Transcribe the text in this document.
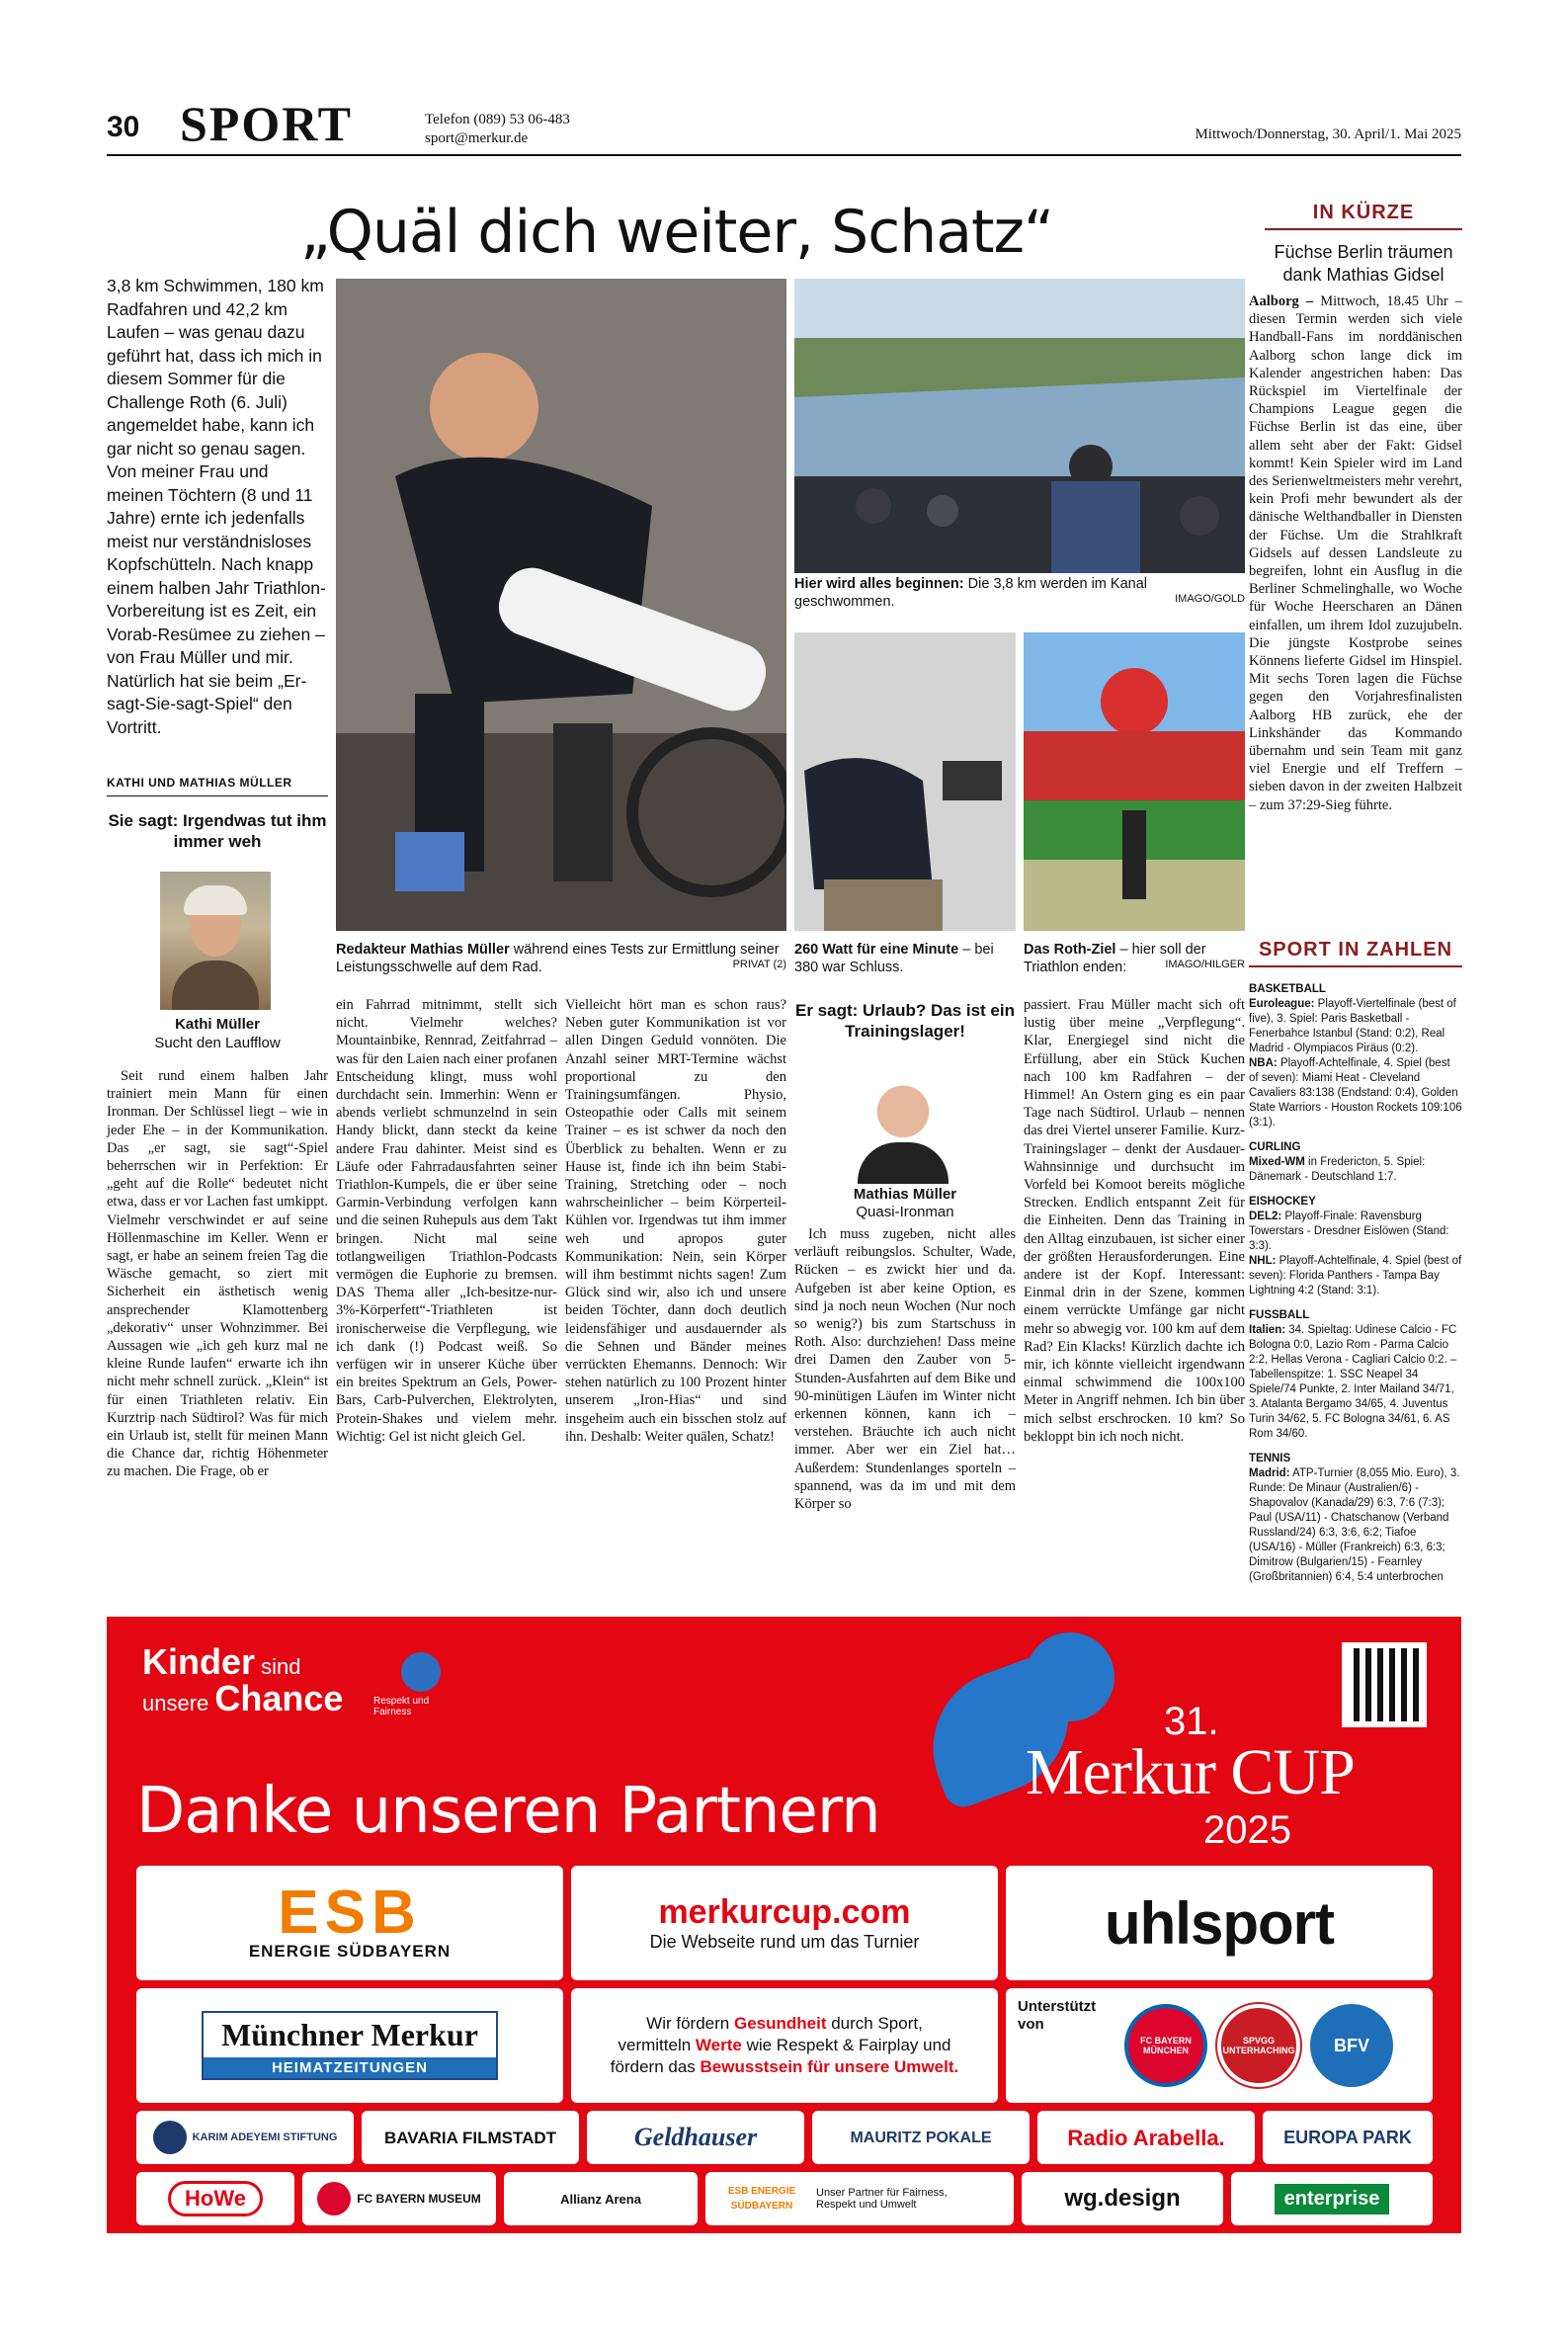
30 SPORT	Telefon (089) 53 06-483
sport@merkur.de	Mittwoch/Donnerstag, 30. April/1. Mai 2025
„Quäl dich weiter, Schatz“
3,8 km Schwimmen, 180 km Radfahren und 42,2 km Laufen – was genau dazu geführt hat, dass ich mich in diesem Sommer für die Challenge Roth (6. Juli) angemeldet habe, kann ich gar nicht so genau sagen. Von meiner Frau und meinen Töchtern (8 und 11 Jahre) ernte ich jedenfalls meist nur verständnisloses Kopfschütteln. Nach knapp einem halben Jahr Triathlon-Vorbereitung ist es Zeit, ein Vorab-Resümee zu ziehen – von Frau Müller und mir. Natürlich hat sie beim „Er-sagt-Sie-sagt-Spiel“ den Vortritt.
KATHI UND MATHIAS MÜLLER
Sie sagt: Irgendwas tut ihm immer weh
Kathi Müller
Sucht den Laufflow

Seit rund einem halben Jahr trainiert mein Mann für einen Ironman. Der Schlüssel liegt – wie in jeder Ehe – in der Kommunikation. Das „er sagt, sie sagt“-Spiel beherrschen wir in Perfektion: Er „geht auf die Rolle“ bedeutet nicht etwa, dass er vor Lachen fast umkippt. Vielmehr verschwindet er auf seine Höllenmaschine im Keller. Wenn er sagt, er habe an seinem freien Tag die Wäsche gemacht, so ziert mit Sicherheit ein ästhetisch wenig ansprechender Klamottenberg „dekorativ“ unser Wohnzimmer. Bei Aussagen wie „ich geh kurz mal ne kleine Runde laufen“ erwarte ich ihn nicht mehr schnell zurück. „Klein“ ist für einen Triathleten relativ. Ein Kurztrip nach Südtirol? Was für mich ein Urlaub ist, stellt für meinen Mann die Chance dar, richtig Höhenmeter zu machen. Die Frage, ob er

Redakteur Mathias Müller während eines Tests zur Ermittlung seiner Leistungsschwelle auf dem Rad.	PRIVAT (2)
Hier wird alles beginnen: Die 3,8 km werden im Kanal geschwommen.	IMAGO/GOLD
260 Watt für eine Minute – bei 380 war Schluss.
Das Roth-Ziel – hier soll der Triathlon enden:	IMAGO/HILGER

ein Fahrrad mitnimmt, stellt sich nicht. Vielmehr welches? Mountainbike, Rennrad, Zeitfahrrad – was für den Laien nach einer profanen Entscheidung klingt, muss wohl durchdacht sein. Immerhin: Wenn er abends verliebt schmunzelnd in sein Handy blickt, dann steckt da keine andere Frau dahinter. Meist sind es Läufe oder Fahrradausfahrten seiner Triathlon-Kumpels, die er über seine Garmin-Verbindung verfolgen kann und die seinen Ruhepuls aus dem Takt bringen. Nicht mal seine totlangweiligen Triathlon-Podcasts vermögen die Euphorie zu bremsen. DAS Thema aller „Ich-besitze-nur-3%-Körperfett“-Triathleten ist ironischerweise die Verpflegung, wie ich dank (!) Podcast weiß. So verfügen wir in unserer Küche über ein breites Spektrum an Gels, Power-Bars, Carb-Pulverchen, Elektrolyten, Protein-Shakes und vielem mehr. Wichtig: Gel ist nicht gleich Gel.

Vielleicht hört man es schon raus? Neben guter Kommunikation ist vor allen Dingen Geduld vonnöten. Die Anzahl seiner MRT-Termine wächst proportional zu den Trainingsumfängen. Physio, Osteopathie oder Calls mit seinem Trainer – es ist schwer da noch den Überblick zu behalten. Wenn er zu Hause ist, finde ich ihn beim Stabi-Training, Stretching oder – noch wahrscheinlicher – beim Körperteil-Kühlen vor. Irgendwas tut ihm immer weh und apropos guter Kommunikation: Nein, sein Körper will ihm bestimmt nichts sagen! Zum Glück sind wir, also ich und unsere beiden Töchter, dann doch deutlich leidensfähiger und ausdauernder als die Sehnen und Bänder meines verrückten Ehemanns. Dennoch: Wir stehen natürlich zu 100 Prozent hinter unserem „Iron-Hias“ und sind insgeheim auch ein bisschen stolz auf ihn. Deshalb: Weiter quälen, Schatz!

Er sagt: Urlaub? Das ist ein Trainingslager!
Mathias Müller
Quasi-Ironman

Ich muss zugeben, nicht alles verläuft reibungslos. Schulter, Wade, Rücken – es zwickt hier und da. Aufgeben ist aber keine Option, es sind ja noch neun Wochen (Nur noch so wenig?) bis zum Startschuss in Roth. Also: durchziehen! Dass meine drei Damen den Zauber von 5-Stunden-Ausfahrten auf dem Bike und 90-minütigen Läufen im Winter nicht erkennen können, kann ich – verstehen. Bräuchte ich auch nicht immer. Aber wer ein Ziel hat… Außerdem: Stundenlanges sporteln – spannend, was da im und mit dem Körper so

passiert. Frau Müller macht sich oft lustig über meine „Verpflegung“. Klar, Energiegel sind nicht die Erfüllung, aber ein Stück Kuchen nach 100 km Radfahren – der Himmel! An Ostern ging es ein paar Tage nach Südtirol. Urlaub – nennen das drei Viertel unserer Familie. Kurz-Trainingslager – denkt der Ausdauer-Wahnsinnige und durchsucht im Vorfeld bei Komoot bereits mögliche Strecken. Endlich entspannt Zeit für die Einheiten. Denn das Training in den Alltag einzubauen, ist sicher einer der größten Herausforderungen. Eine andere ist der Kopf. Interessant: Einmal drin in der Szene, kommen einem verrückte Umfänge gar nicht mehr so abwegig vor. 100 km auf dem Rad? Ein Klacks! Kürzlich dachte ich mir, ich könnte vielleicht irgendwann einmal schwimmend die 100x100 Meter in Angriff nehmen. Ich bin über mich selbst erschrocken. 10 km? So bekloppt bin ich noch nicht.

IN KÜRZE
Füchse Berlin träumen dank Mathias Gidsel
Aalborg – Mittwoch, 18.45 Uhr – diesen Termin werden sich viele Handball-Fans im norddänischen Aalborg schon lange dick im Kalender angestrichen haben: Das Rückspiel im Viertelfinale der Champions League gegen die Füchse Berlin ist das eine, über allem seht aber der Fakt: Gidsel kommt! Kein Spieler wird im Land des Serienweltmeisters mehr verehrt, kein Profi mehr bewundert als der dänische Welthandballer in Diensten der Füchse. Um die Strahlkraft Gidsels auf dessen Landsleute zu begreifen, lohnt ein Ausflug in die Berliner Schmelinghalle, wo Woche für Woche Heerscharen an Dänen einfallen, um ihrem Idol zuzujubeln. Die jüngste Kostprobe seines Könnens lieferte Gidsel im Hinspiel. Mit sechs Toren lagen die Füchse gegen den Vorjahresfinalisten Aalborg HB zurück, ehe der Linkshänder das Kommando übernahm und sein Team mit ganz viel Energie und elf Treffern – sieben davon in der zweiten Halbzeit – zum 37:29-Sieg führte.
SPORT IN ZAHLEN
BASKETBALL
Euroleague: Playoff-Viertelfinale (best of five), 3. Spiel: Paris Basketball - Fenerbahce Istanbul (Stand: 0:2), Real Madrid - Olympiacos Piräus (0:2).
NBA: Playoff-Achtelfinale, 4. Spiel (best of seven): Miami Heat - Cleveland Cavaliers 83:138 (Endstand: 0:4), Golden State Warriors - Houston Rockets 109:106 (3:1).
CURLING
Mixed-WM in Fredericton, 5. Spiel: Dänemark - Deutschland 1:7.
EISHOCKEY
DEL2: Playoff-Finale: Ravensburg Towerstars - Dresdner Eislöwen (Stand: 3:3).
NHL: Playoff-Achtelfinale, 4. Spiel (best of seven): Florida Panthers - Tampa Bay Lightning 4:2 (Stand: 3:1).
FUSSBALL
Italien: 34. Spieltag: Udinese Calcio - FC Bologna 0:0, Lazio Rom - Parma Calcio 2:2, Hellas Verona - Cagliari Calcio 0:2. – Tabellenspitze: 1. SSC Neapel 34 Spiele/74 Punkte, 2. Inter Mailand 34/71, 3. Atalanta Bergamo 34/65, 4. Juventus Turin 34/62, 5. FC Bologna 34/61, 6. AS Rom 34/60.
TENNIS
Madrid: ATP-Turnier (8,055 Mio. Euro), 3. Runde: De Minaur (Australien/6) - Shapovalov (Kanada/29) 6:3, 7:6 (7:3); Paul (USA/11) - Chatschanow (Verband Russland/24) 6:3, 3:6, 6:2; Tiafoe (USA/16) - Müller (Frankreich) 6:3, 6:3; Dimitrow (Bulgarien/15) - Fearnley (Großbritannien) 6:4, 5:4 unterbrochen
Kinder sind
unsere Chance	Respekt und Fairness	31.
Merkur CUP
2025
Danke unseren Partnern
ESB
ENERGIE SÜDBAYERN
merkurcup.com
Die Webseite rund um das Turnier	uhlsport
Münchner Merkur
HEIMATZEITUNGEN
Wir fördern Gesundheit durch Sport,
vermitteln Werte wie Respekt & Fairplay und
fördern das Bewusstsein für unsere Umwelt.
Unterstützt von
FC BAYERN MÜNCHEN
SPVGG UNTERHACHING	BFV
KARIM ADEYEMI STIFTUNG	BAVARIA FILMSTADT	Geldhauser	MAURITZ POKALE	Radio Arabella.	EUROPA PARK
HoWe	FC BAYERN MUSEUM	Allianz Arena	ESB ENERGIE SÜDBAYERN
Unser Partner für Fairness, Respekt und Umwelt	wg.design	enterprise
